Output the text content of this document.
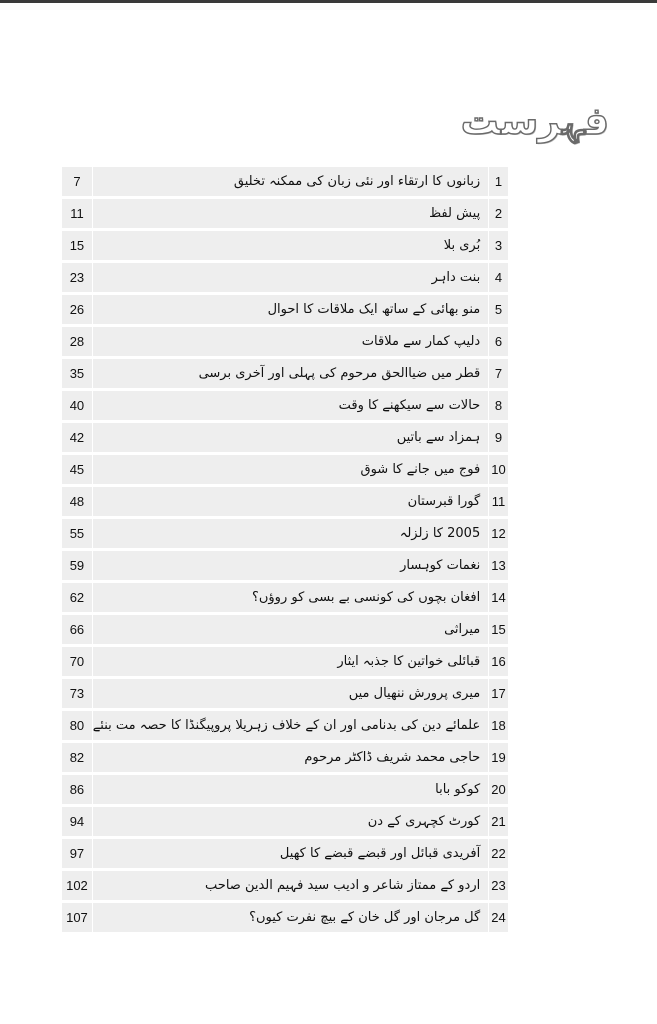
فہرست
7		زبانوں کا ارتقاء اور نئی زبان کی ممکنہ تخلیق		1
11		پیش لفظ		2
15		بُری بلا		3
23		بنت داہر		4
26		منو بھائی کے ساتھ ایک ملاقات کا احوال		5
28		دلیپ کمار سے ملاقات		6
35		قطر میں ضیاالحق مرحوم کی پہلی اور آخری برسی		7
40		حالات سے سیکھنے کا وقت		8
42		ہمزاد سے باتیں		9
45		فوج میں جانے کا شوق		10
48		گورا قبرستان		11
55		2005 کا زلزلہ		12
59		نغمات کوہسار		13
62		افغان بچوں کی کونسی بے بسی کو روؤں؟		14
66		میراثی		15
70		قبائلی خواتین کا جذبہ ایثار		16
73		میری پرورش ننھیال میں		17
80		علمائے دین کی بدنامی اور ان کے خلاف زہریلا پروپیگنڈا کا حصہ مت بنئے		18
82		حاجی محمد شریف ڈاکٹر مرحوم		19
86		کوکو بابا		20
94		کورٹ کچہری کے دن		21
97		آفریدی قبائل اور قبضے قبضے کا کھیل		22
102		اردو کے ممتاز شاعر و ادیب سید فہیم الدین صاحب		23
107		گل مرجان اور گل خان کے بیچ نفرت کیوں؟		24
